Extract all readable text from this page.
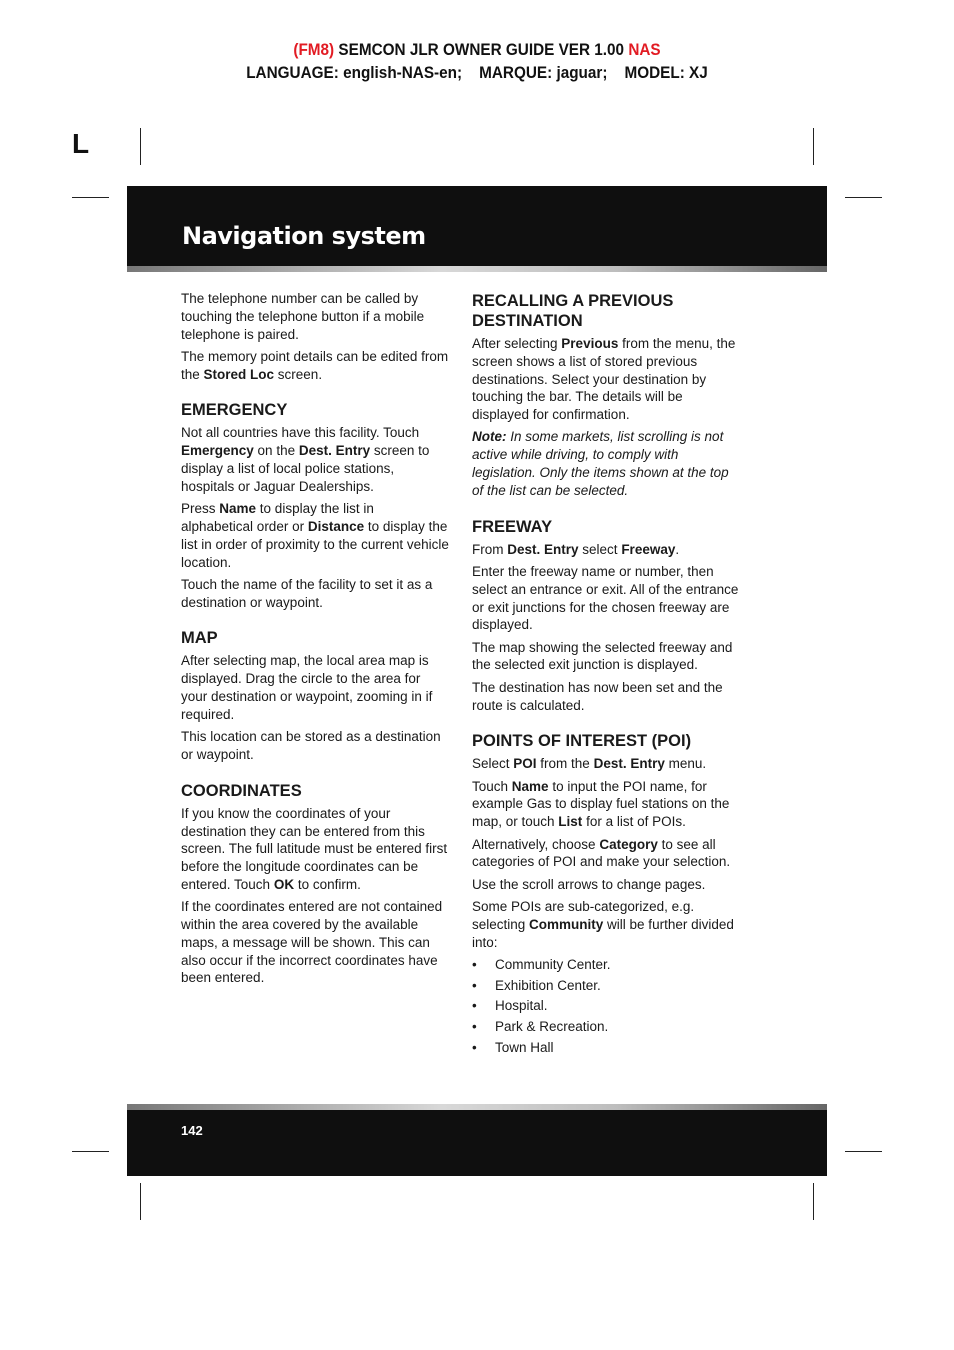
(FM8) SEMCON JLR OWNER GUIDE VER 1.00 NAS
LANGUAGE: english-NAS-en;    MARQUE: jaguar;    MODEL: XJ
L
Navigation system

The telephone number can be called by touching the telephone button if a mobile telephone is paired.

The memory point details can be edited from the Stored Loc screen.

EMERGENCY

Not all countries have this facility. Touch Emergency on the Dest. Entry screen to display a list of local police stations, hospitals or Jaguar Dealerships.

Press Name to display the list in alphabetical order or Distance to display the list in order of proximity to the current vehicle location.

Touch the name of the facility to set it as a destination or waypoint.

MAP

After selecting map, the local area map is displayed. Drag the circle to the area for your destination or waypoint, zooming in if required.

This location can be stored as a destination or waypoint.

COORDINATES

If you know the coordinates of your destination they can be entered from this screen. The full latitude must be entered first before the longitude coordinates can be entered. Touch OK to confirm.

If the coordinates entered are not contained within the area covered by the available maps, a message will be shown. This can also occur if the incorrect coordinates have been entered.

RECALLING A PREVIOUS DESTINATION

After selecting Previous from the menu, the screen shows a list of stored previous destinations. Select your destination by touching the bar. The details will be displayed for confirmation.

Note: In some markets, list scrolling is not active while driving, to comply with legislation. Only the items shown at the top of the list can be selected.

FREEWAY

From Dest. Entry select Freeway.

Enter the freeway name or number, then select an entrance or exit. All of the entrance or exit junctions for the chosen freeway are displayed.

The map showing the selected freeway and the selected exit junction is displayed.

The destination has now been set and the route is calculated.

POINTS OF INTEREST (POI)

Select POI from the Dest. Entry menu.

Touch Name to input the POI name, for example Gas to display fuel stations on the map, or touch List for a list of POIs.

Alternatively, choose Category to see all categories of POI and make your selection.

Use the scroll arrows to change pages.

Some POIs are sub-categorized, e.g. selecting Community will be further divided into:

• Community Center.
• Exhibition Center.
• Hospital.
• Park & Recreation.
• Town Hall
142
